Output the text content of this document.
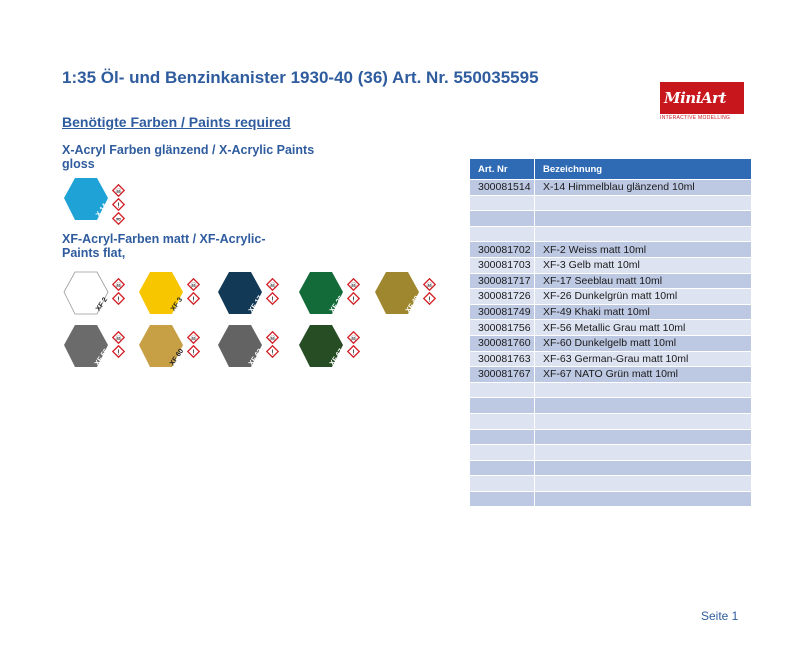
1:35 Öl- und Benzinkanister 1930-40 (36) Art. Nr. 550035595
MiniArt
INTERACTIVE MODELLING
Benötigte Farben / Paints required
X-Acryl Farben glänzend / X-Acrylic Paints gloss
X 14
☠
!
≈
XF-Acryl-Farben matt / XF-Acrylic-Paints flat,
XF 2
☠
!	XF 3
☠
!	XF 17
☠
!	XF 26
☠
!	XF 49
☠
!
XF 56
☠
!	XF 60
☠
!	XF 63
☠
!	XF 67
☠
!
Art. Nr	Bezeichnung
300081514	X-14 Himmelblau glänzend 10ml

300081702	XF-2 Weiss matt 10ml
300081703	XF-3 Gelb matt 10ml
300081717	XF-17 Seeblau matt 10ml
300081726	XF-26 Dunkelgrün matt 10ml
300081749	XF-49 Khaki matt 10ml
300081756	XF-56 Metallic Grau matt 10ml
300081760	XF-60 Dunkelgelb matt 10ml
300081763	XF-63 German-Grau matt 10ml
300081767	XF-67 NATO Grün matt 10ml

Seite 1
